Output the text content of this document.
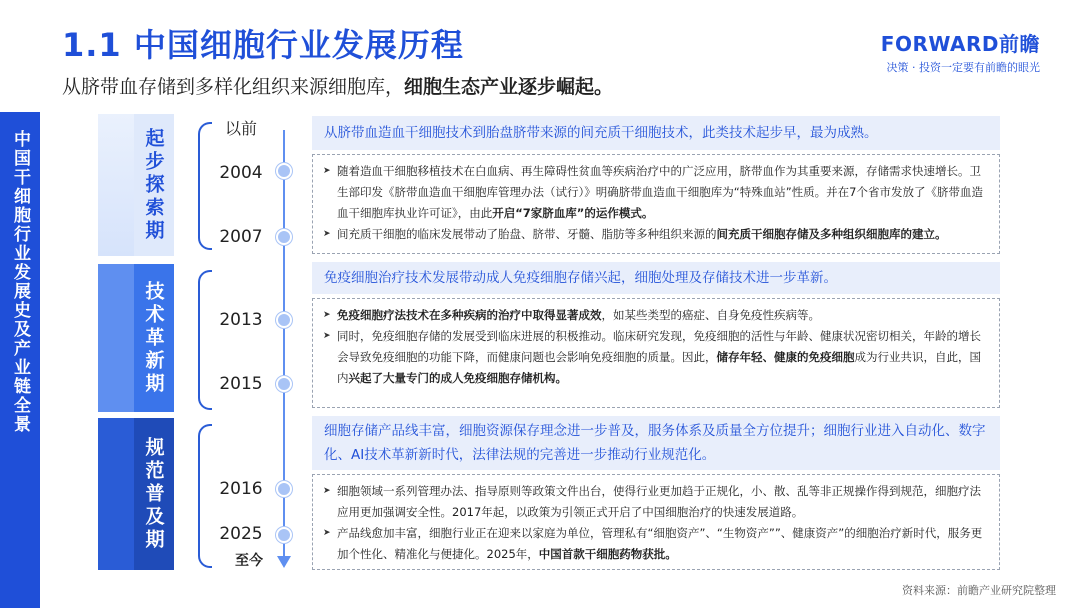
中国干细胞行业发展史及产业链全景
1.1 中国细胞行业发展历程
从脐带血存储到多样化组织来源细胞库，细胞生态产业逐步崛起。
FORWARD前瞻
决策 · 投资一定要有前瞻的眼光
起步探索期
技术革新期
规范普及期
以前
2004
2007
2013
2015
2016
2025
至今
从脐带血造血干细胞技术到胎盘脐带来源的间充质干细胞技术，此类技术起步早，最为成熟。

➤ 随着造血干细胞移植技术在白血病、再生障碍性贫血等疾病治疗中的广泛应用，脐带血作为其重要来源，存储需求快速增长。卫生部印发《脐带血造血干细胞库管理办法（试行）》明确脐带血造血干细胞库为“特殊血站”性质。并在7个省市发放了《脐带血造血干细胞库执业许可证》，由此开启“7家脐血库”的运作模式。

➤ 间充质干细胞的临床发展带动了胎盘、脐带、牙髓、脂肪等多种组织来源的间充质干细胞存储及多种组织细胞库的建立。

免疫细胞治疗技术发展带动成人免疫细胞存储兴起，细胞处理及存储技术进一步革新。

➤ 免疫细胞疗法技术在多种疾病的治疗中取得显著成效，如某些类型的癌症、自身免疫性疾病等。

➤ 同时，免疫细胞存储的发展受到临床进展的积极推动。临床研究发现，免疫细胞的活性与年龄、健康状况密切相关，年龄的增长会导致免疫细胞的功能下降，而健康问题也会影响免疫细胞的质量。因此，储存年轻、健康的免疫细胞成为行业共识，自此，国内兴起了大量专门的成人免疫细胞存储机构。

细胞存储产品线丰富，细胞资源保存理念进一步普及，服务体系及质量全方位提升；细胞行业进入自动化、数字化、AI技术革新新时代，法律法规的完善进一步推动行业规范化。

➤ 细胞领域一系列管理办法、指导原则等政策文件出台，使得行业更加趋于正规化，小、散、乱等非正规操作得到规范，细胞疗法应用更加强调安全性。2017年起，以政策为引领正式开启了中国细胞治疗的快速发展道路。

➤ 产品线愈加丰富，细胞行业正在迎来以家庭为单位，管理私有“细胞资产”、“生物资产””、健康资产”的细胞治疗新时代，服务更加个性化、精准化与便捷化。2025年，中国首款干细胞药物获批。

资料来源：前瞻产业研究院整理
